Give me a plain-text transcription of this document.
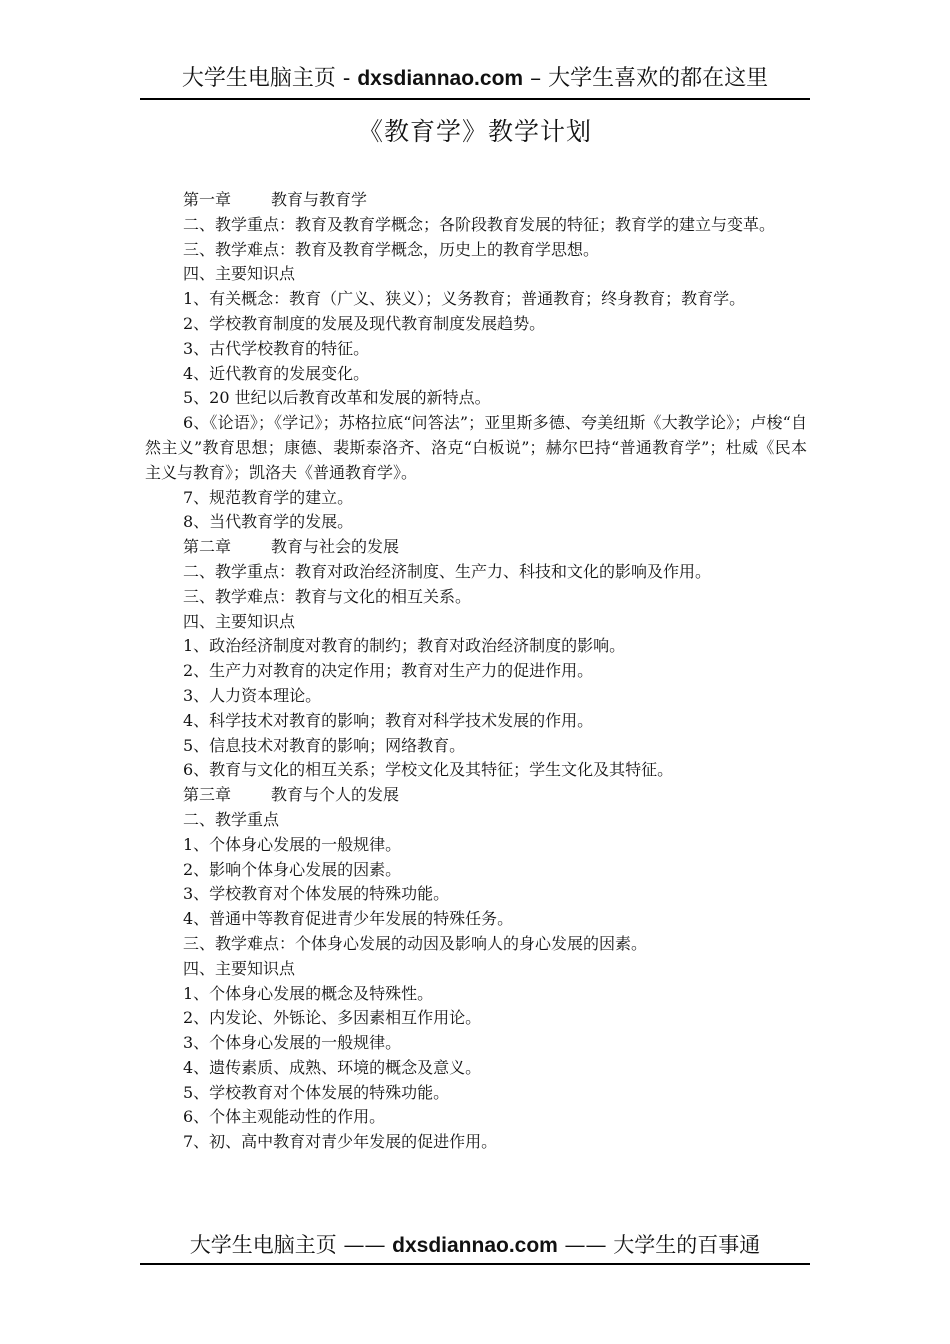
大学生电脑主页 - dxsdiannao.com – 大学生喜欢的都在这里
《教育学》教学计划

第一章	教育与教育学

二、教学重点：教育及教育学概念；各阶段教育发展的特征；教育学的建立与变革。

三、教学难点：教育及教育学概念，历史上的教育学思想。

四、主要知识点

1、有关概念：教育（广义、狭义）；义务教育；普通教育；终身教育；教育学。

2、学校教育制度的发展及现代教育制度发展趋势。

3、古代学校教育的特征。

4、近代教育的发展变化。

5、20 世纪以后教育改革和发展的新特点。

6、《论语》；《学记》；苏格拉底“问答法”；亚里斯多德、夸美纽斯《大教学论》；卢梭“自然主义”教育思想；康德、裴斯泰洛齐、洛克“白板说”；赫尔巴持“普通教育学”；杜威《民本主义与教育》；凯洛夫《普通教育学》。

7、规范教育学的建立。

8、当代教育学的发展。

第二章	教育与社会的发展

二、教学重点：教育对政治经济制度、生产力、科技和文化的影响及作用。

三、教学难点：教育与文化的相互关系。

四、主要知识点

1、政治经济制度对教育的制约；教育对政治经济制度的影响。

2、生产力对教育的决定作用；教育对生产力的促进作用。

3、人力资本理论。

4、科学技术对教育的影响；教育对科学技术发展的作用。

5、信息技术对教育的影响；网络教育。

6、教育与文化的相互关系；学校文化及其特征；学生文化及其特征。

第三章	教育与个人的发展

二、教学重点

1、个体身心发展的一般规律。

2、影响个体身心发展的因素。

3、学校教育对个体发展的特殊功能。

4、普通中等教育促进青少年发展的特殊任务。

三、教学难点：个体身心发展的动因及影响人的身心发展的因素。

四、主要知识点

1、个体身心发展的概念及特殊性。

2、内发论、外铄论、多因素相互作用论。

3、个体身心发展的一般规律。

4、遗传素质、成熟、环境的概念及意义。

5、学校教育对个体发展的特殊功能。

6、个体主观能动性的作用。

7、初、高中教育对青少年发展的促进作用。

大学生电脑主页 —— dxsdiannao.com —— 大学生的百事通
